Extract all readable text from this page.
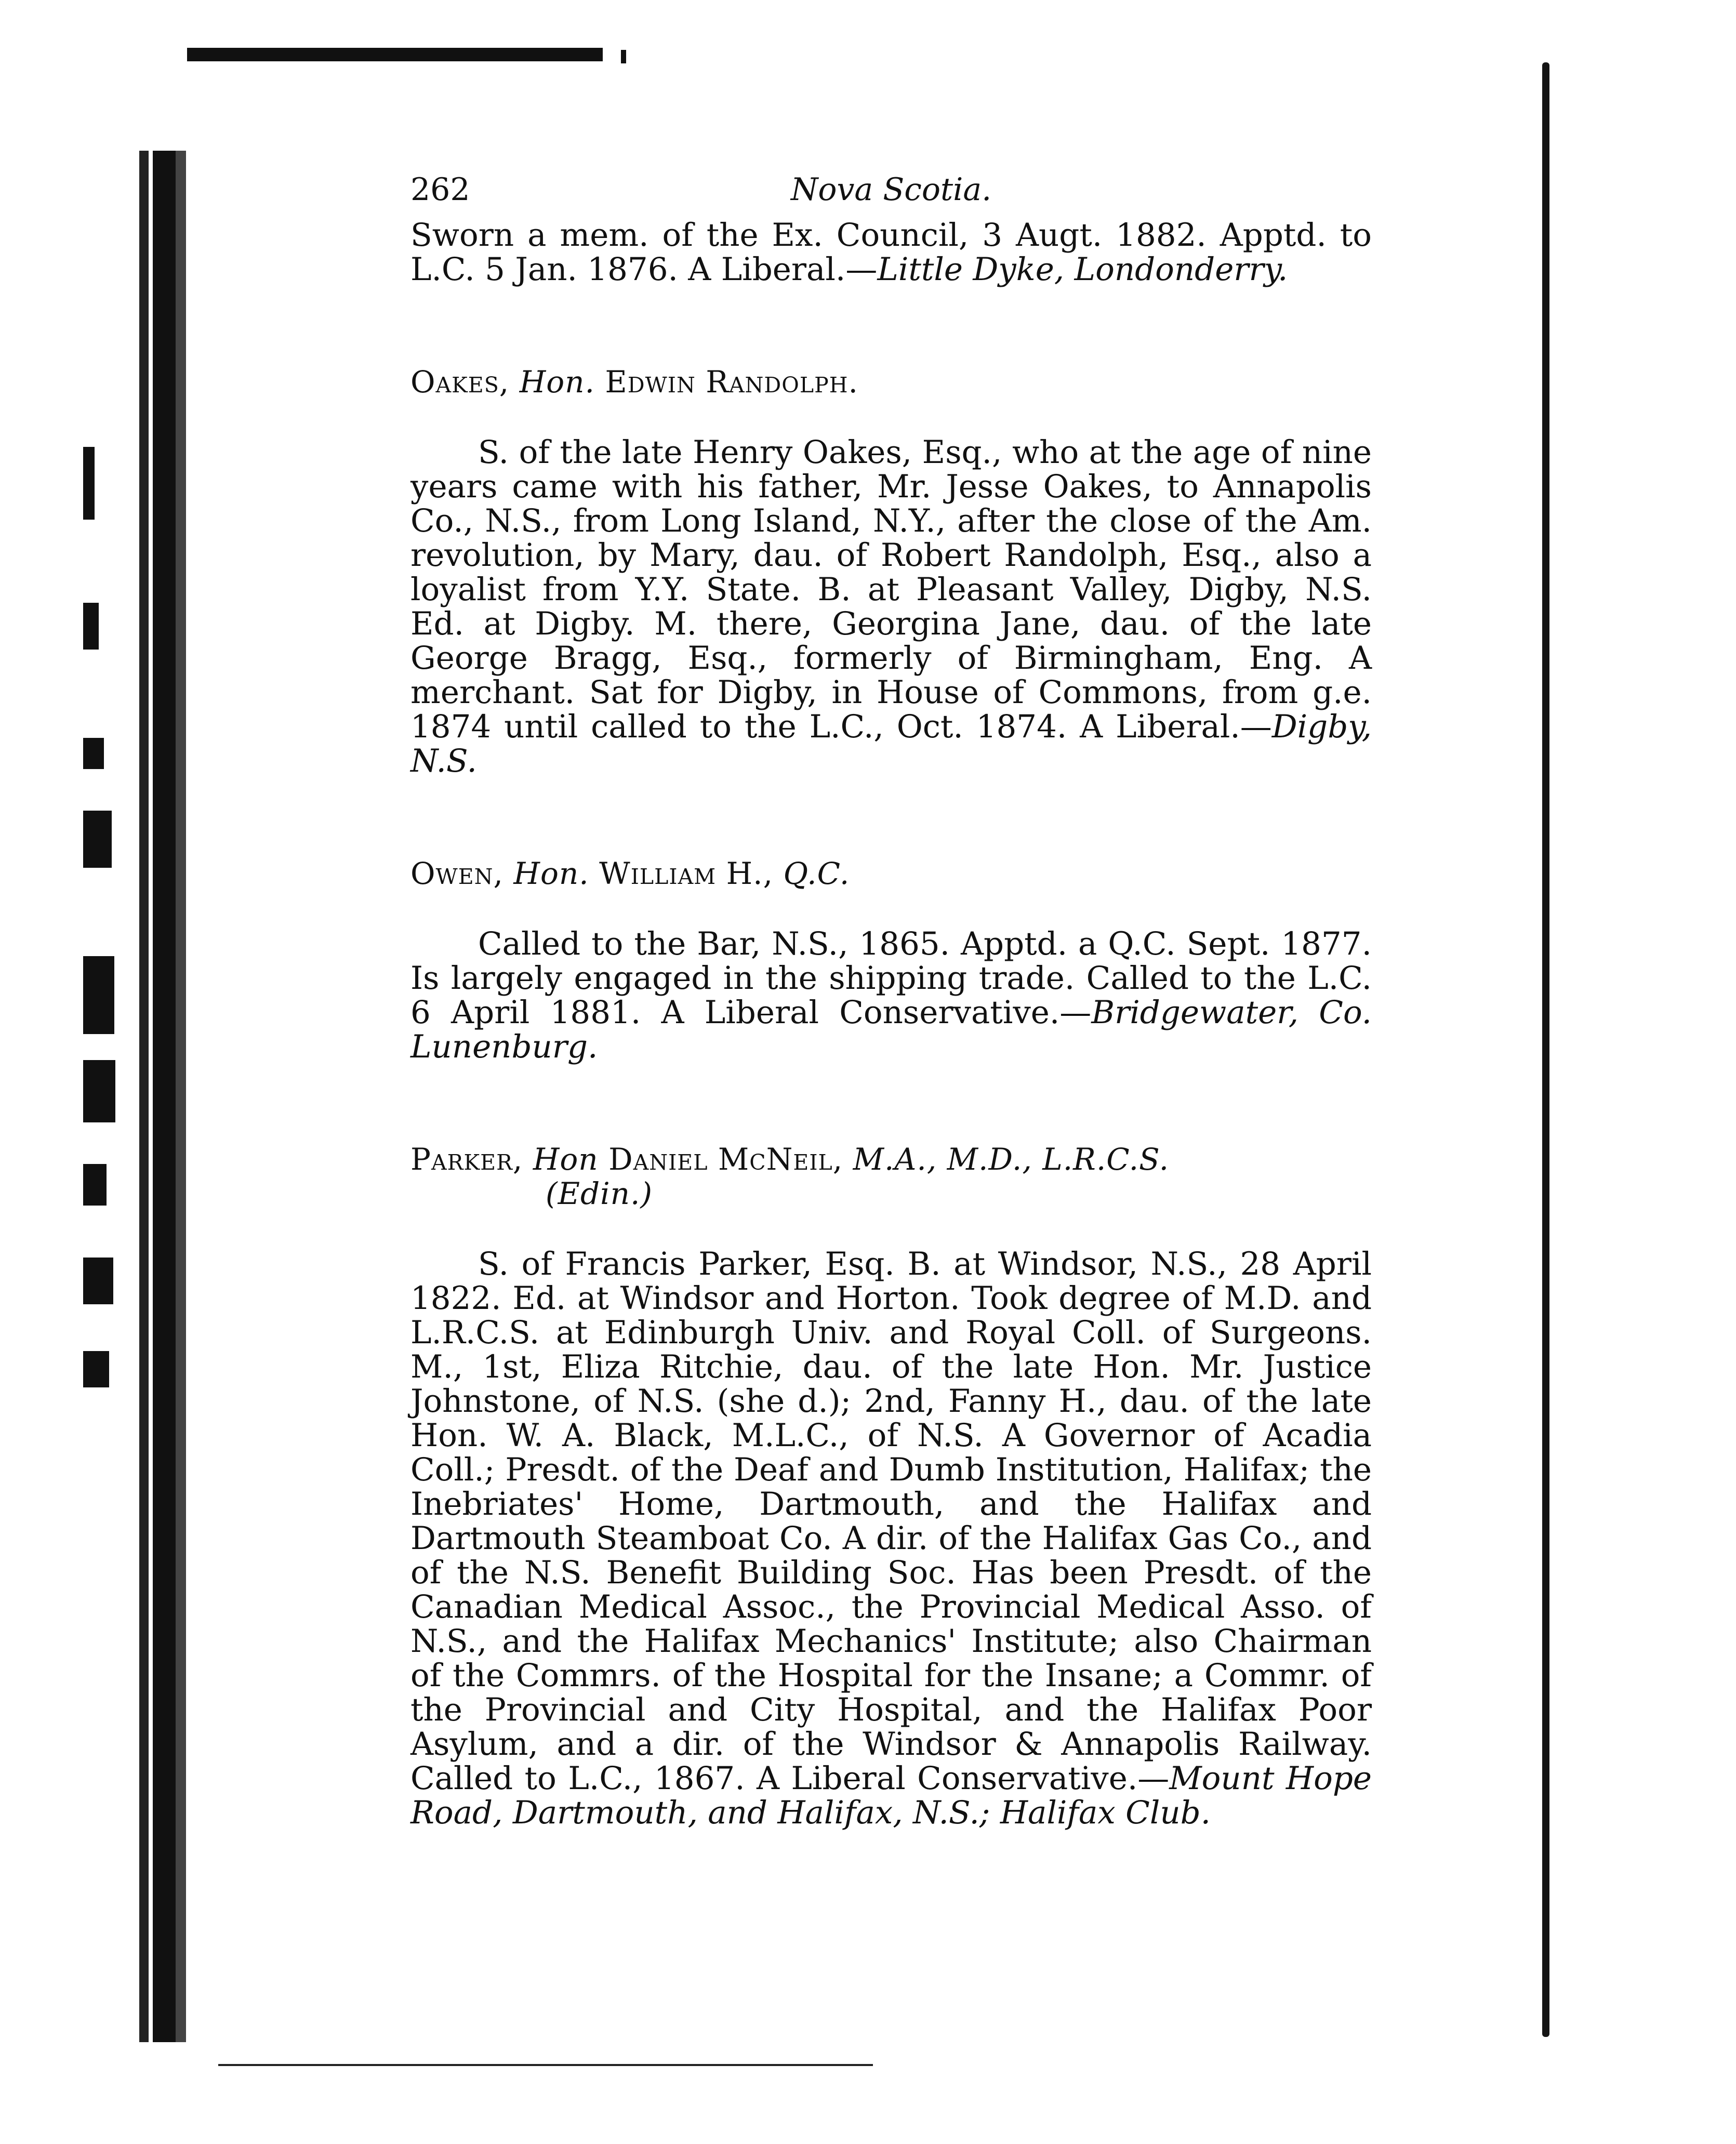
262	Nova Scotia.

Sworn a mem. of the Ex. Council, 3 Augt. 1882. Apptd. to L.C. 5 Jan. 1876. A Liberal.—Little Dyke, Londonderry.

Oakes, Hon. Edwin Randolph.

S. of the late Henry Oakes, Esq., who at the age of nine years came with his father, Mr. Jesse Oakes, to Annapolis Co., N.S., from Long Island, N.Y., after the close of the Am. revolution, by Mary, dau. of Robert Randolph, Esq., also a loyalist from Y.Y. State. B. at Pleasant Valley, Digby, N.S. Ed. at Digby. M. there, Georgina Jane, dau. of the late George Bragg, Esq., formerly of Birmingham, Eng. A merchant. Sat for Digby, in House of Commons, from g.e. 1874 until called to the L.C., Oct. 1874. A Liberal.—Digby, N.S.

Owen, Hon. William H., Q.C.

Called to the Bar, N.S., 1865. Apptd. a Q.C. Sept. 1877. Is largely engaged in the shipping trade. Called to the L.C. 6 April 1881. A Liberal Conservative.—Bridgewater, Co. Lunenburg.

Parker, Hon Daniel McNeil, M.A., M.D., L.R.C.S.
(Edin.)

S. of Francis Parker, Esq. B. at Windsor, N.S., 28 April 1822. Ed. at Windsor and Horton. Took degree of M.D. and L.R.C.S. at Edinburgh Univ. and Royal Coll. of Surgeons. M., 1st, Eliza Ritchie, dau. of the late Hon. Mr. Justice Johnstone, of N.S. (she d.); 2nd, Fanny H., dau. of the late Hon. W. A. Black, M.L.C., of N.S. A Governor of Acadia Coll.; Presdt. of the Deaf and Dumb Institution, Halifax; the Inebriates' Home, Dartmouth, and the Halifax and Dartmouth Steamboat Co. A dir. of the Halifax Gas Co., and of the N.S. Benefit Building Soc. Has been Presdt. of the Canadian Medical Assoc., the Provincial Medical Asso. of N.S., and the Halifax Mechanics' Institute; also Chairman of the Commrs. of the Hospital for the Insane; a Commr. of the Provincial and City Hospital, and the Halifax Poor Asylum, and a dir. of the Windsor & Annapolis Railway. Called to L.C., 1867. A Liberal Conservative.—Mount Hope Road, Dartmouth, and Halifax, N.S.; Halifax Club.
